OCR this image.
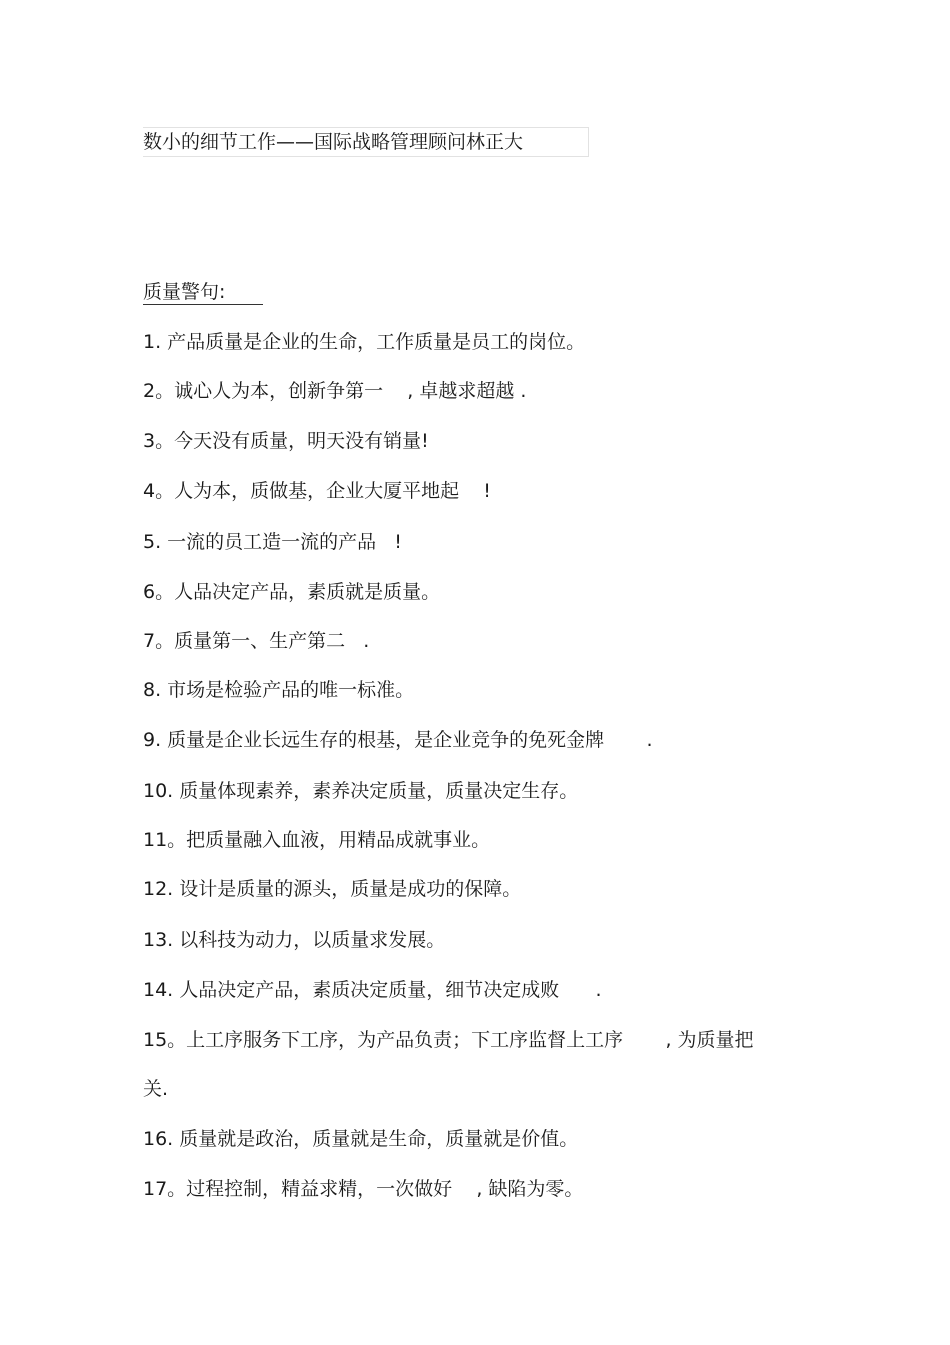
数小的细节工作——国际战略管理顾问林正大
质量警句:
1. 产品质量是企业的生命，工作质量是员工的岗位。
2。诚心人为本，创新争第一    , 卓越求超越 .
3。今天没有质量，明天没有销量!
4。人为本，质做基，企业大厦平地起    !
5. 一流的员工造一流的产品   !
6。人品决定产品，素质就是质量。
7。质量第一、生产第二   .
8. 市场是检验产品的唯一标准。
9. 质量是企业长远生存的根基，是企业竞争的免死金牌       .
10. 质量体现素养，素养决定质量，质量决定生存。
11。把质量融入血液，用精品成就事业。
12. 设计是质量的源头，质量是成功的保障。
13. 以科技为动力，以质量求发展。
14. 人品决定产品，素质决定质量，细节决定成败      .
15。上工序服务下工序，为产品负责；下工序监督上工序       , 为质量把
关.
16. 质量就是政治，质量就是生命，质量就是价值。
17。过程控制，精益求精，一次做好    , 缺陷为零。
